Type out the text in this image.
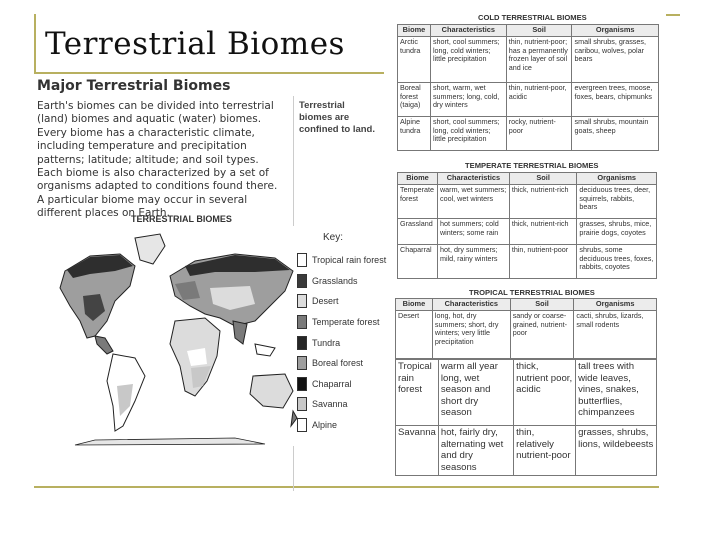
Terrestrial Biomes
Major Terrestrial Biomes
Earth's biomes can be divided into terrestrial (land) biomes and aquatic (water) biomes. Every biome has a characteristic climate, including temperature and precipitation patterns; latitude; altitude; and soil types. Each biome is also characterized by a set of organisms adapted to conditions found there. A particular biome may occur in several different places on Earth.
Terrestrial biomes are confined to land.
TERRESTRIAL BIOMES
Key:
Tropical rain forest
Grasslands
Desert
Temperate forest
Tundra
Boreal forest
Chaparral
Savanna
Alpine
COLD TERRESTRIAL BIOMES
Biome	Characteristics	Soil	Organisms
Arctic tundra	short, cool summers; long, cold winters; little precipitation	thin, nutrient-poor; has a permanently frozen layer of soil and ice	small shrubs, grasses, caribou, wolves, polar bears
Boreal forest (taiga)	short, warm, wet summers; long, cold, dry winters	thin, nutrient-poor, acidic	evergreen trees, moose, foxes, bears, chipmunks
Alpine tundra	short, cool summers; long, cold winters; little precipitation	rocky, nutrient-poor	small shrubs, mountain goats, sheep
TEMPERATE TERRESTRIAL BIOMES
Biome	Characteristics	Soil	Organisms
Temperate forest	warm, wet summers; cool, wet winters	thick, nutrient-rich	deciduous trees, deer, squirrels, rabbits, bears
Grassland	hot summers; cold winters; some rain	thick, nutrient-rich	grasses, shrubs, mice, prairie dogs, coyotes
Chaparral	hot, dry summers; mild, rainy winters	thin, nutrient-poor	shrubs, some deciduous trees, foxes, rabbits, coyotes
TROPICAL TERRESTRIAL BIOMES
Biome	Characteristics	Soil	Organisms
Desert	long, hot, dry summers; short, dry winters; very little precipitation	sandy or coarse-grained, nutrient-poor	cacti, shrubs, lizards, small rodents
Tropical rain forest	warm all year long, wet season and short dry season	thick, nutrient poor, acidic	tall trees with wide leaves, vines, snakes, butterflies, chimpanzees
Savanna	hot, fairly dry, alternating wet and dry seasons	thin, relatively nutrient-poor	grasses, shrubs, lions, wildebeests
